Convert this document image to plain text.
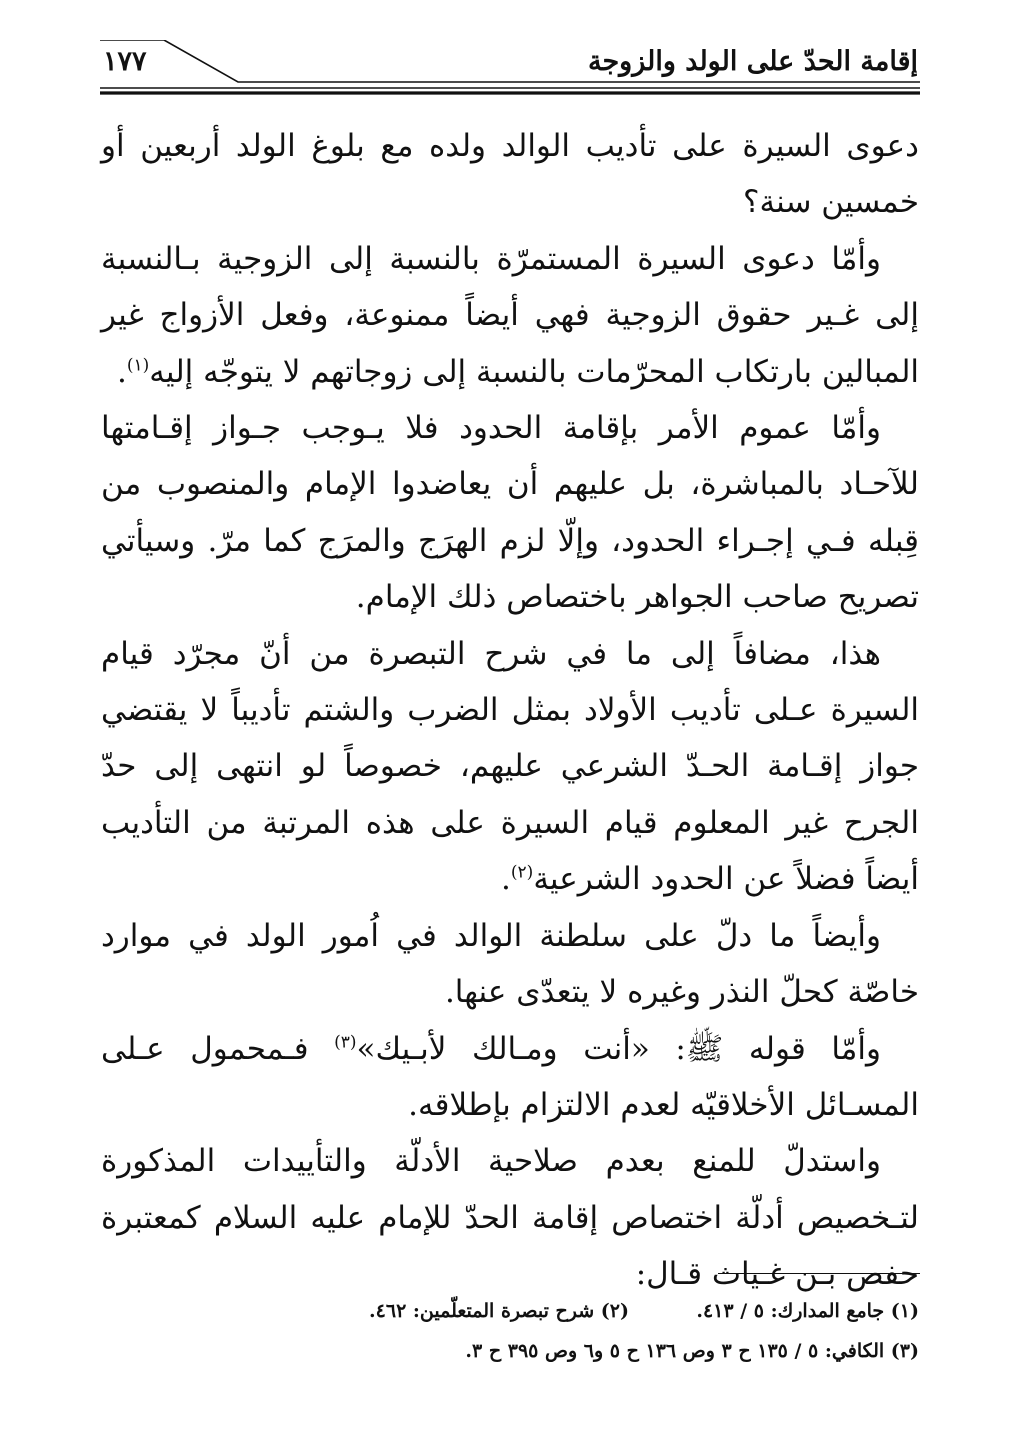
إقامة الحدّ على الولد والزوجة
١٧٧

دعوى السيرة على تأديب الوالد ولده مع بلوغ الولد أربعين أو خمسين سنة؟

وأمّا دعوى السيرة المستمرّة بالنسبة إلى الزوجية بـالنسبة إلى غـير حقوق الزوجية فهي أيضاً ممنوعة، وفعل الأزواج غير المبالين بارتكاب المحرّمات بالنسبة إلى زوجاتهم لا يتوجّه إليه$^{(١)}$.

وأمّا عموم الأمر بإقامة الحدود فلا يـوجب جـواز إقـامتها للآحـاد بالمباشرة، بل عليهم أن يعاضدوا الإمام والمنصوب من قِبله فـي إجـراء الحدود، وإلّا لزم الهرَج والمرَج كما مرّ. وسيأتي تصريح صاحب الجواهر باختصاص ذلك الإمام.

هذا، مضافاً إلى ما في شرح التبصرة من أنّ مجرّد قيام السيرة عـلى تأديب الأولاد بمثل الضرب والشتم تأديباً لا يقتضي جواز إقـامة الحـدّ الشرعي عليهم، خصوصاً لو انتهى إلى حدّ الجرح غير المعلوم قيام السيرة على هذه المرتبة من التأديب أيضاً فضلاً عن الحدود الشرعية$^{(٢)}$.

وأيضاً ما دلّ على سلطنة الوالد في اُمور الولد في موارد خاصّة كحلّ النذر وغيره لا يتعدّى عنها.

وأمّا قوله ﷺ: «أنت ومـالك لأبـيك»$^{(٣)}$ فـمحمول عـلى المسـائل الأخلاقيّه لعدم الالتزام بإطلاقه.

واستدلّ للمنع بعدم صلاحية الأدلّة والتأييدات المذكورة لتـخصيص أدلّة اختصاص إقامة الحدّ للإمام عليه السلام كمعتبرة حفص بـن غـياث قـال:

(١) جامع المدارك: ٥ / ٤١٣.
(٢) شرح تبصرة المتعلّمين: ٤٦٢.
(٣) الكافي: ٥ / ١٣٥ ح ٣ وص ١٣٦ ح ٥ و٦ وص ٣٩٥ ح ٣.
